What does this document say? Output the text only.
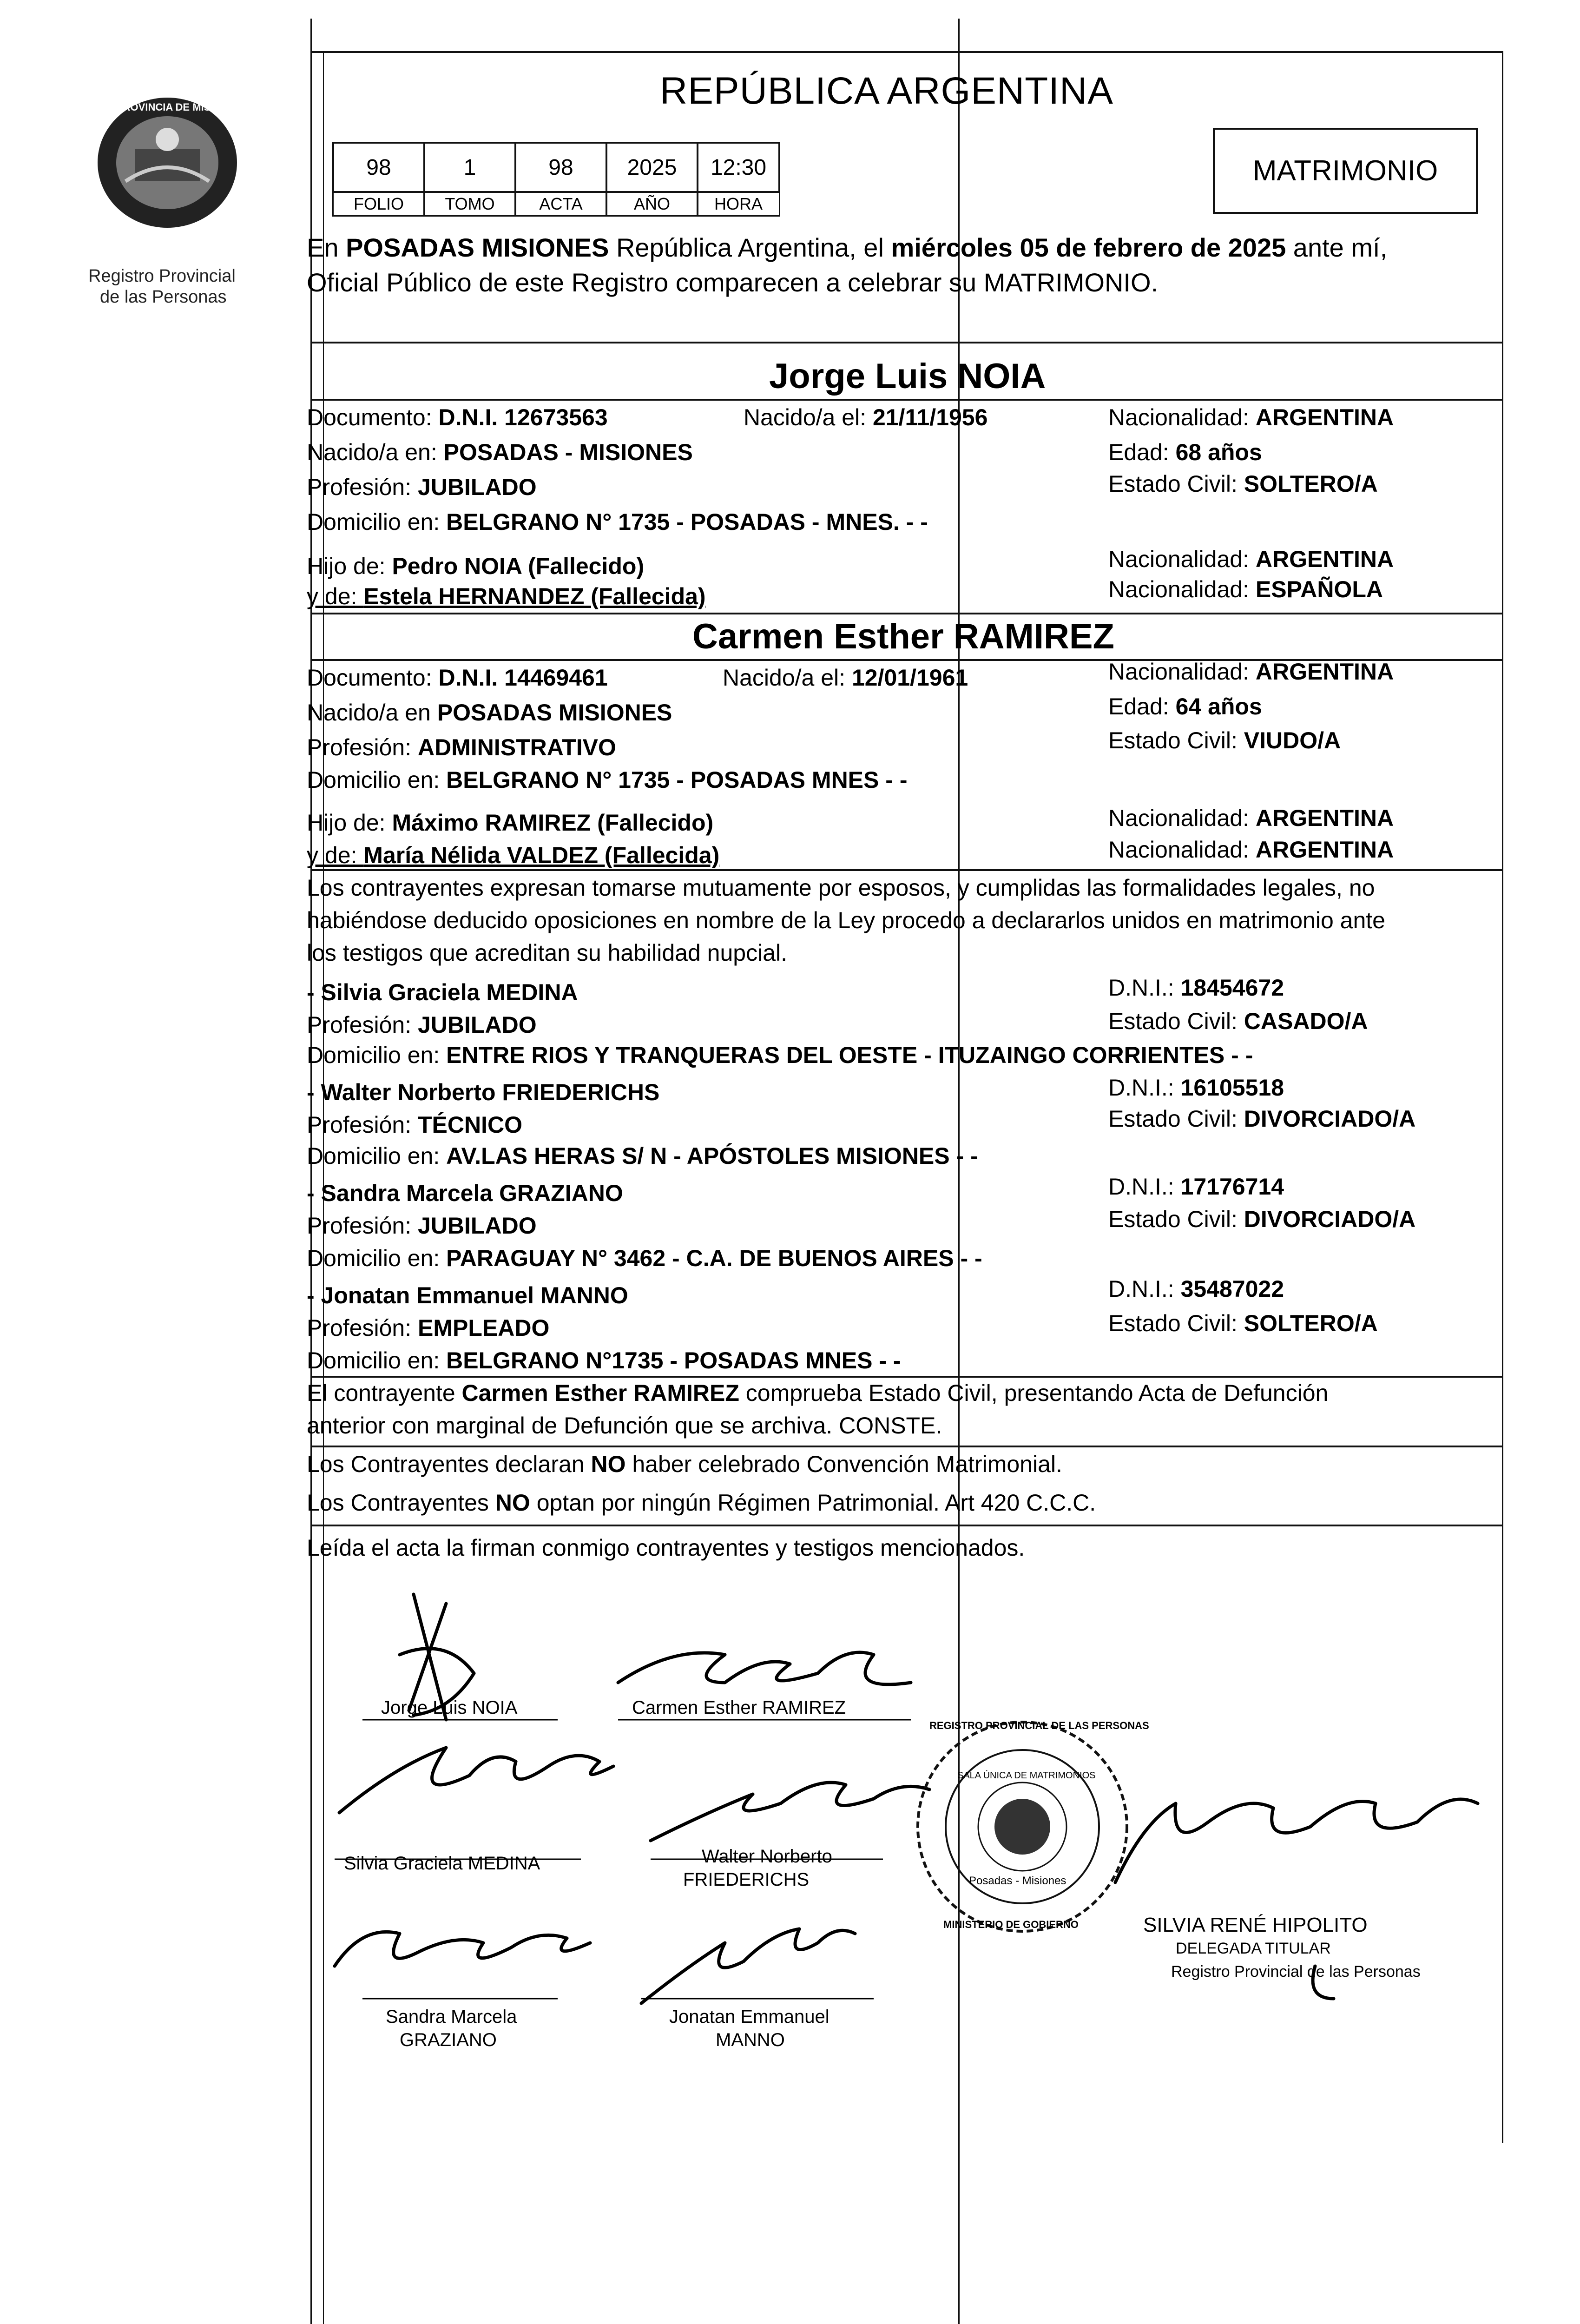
PROVINCIA DE MISIONES
Registro Provincial
de las Personas
REPÚBLICA ARGENTINA
98	1	98 2025 12:30
FOLIO TOMO	ACTA	AÑO	HORA
MATRIMONIO
En POSADAS MISIONES República Argentina, el miércoles 05 de febrero de 2025 ante mí,
Oficial Público de este Registro comparecen a celebrar su MATRIMONIO.
Jorge Luis NOIA
Documento: D.N.I. 12673563	Nacido/a el: 21/11/1956	Nacionalidad: ARGENTINA
Nacido/a en: POSADAS - MISIONES	Edad: 68 años
Profesión: JUBILADO	Estado Civil: SOLTERO/A
Domicilio en: BELGRANO N° 1735 - POSADAS - MNES. - -
Hijo de: Pedro NOIA (Fallecido)	Nacionalidad: ARGENTINA
y de: Estela HERNANDEZ (Fallecida)	Nacionalidad: ESPAÑOLA
Carmen Esther RAMIREZ
Documento: D.N.I. 14469461	Nacido/a el: 12/01/1961	Nacionalidad: ARGENTINA
Nacido/a en POSADAS MISIONES	Edad: 64 años
Profesión: ADMINISTRATIVO	Estado Civil: VIUDO/A
Domicilio en: BELGRANO N° 1735 - POSADAS MNES - -
Hijo de: Máximo RAMIREZ (Fallecido)	Nacionalidad: ARGENTINA
y de: María Nélida VALDEZ (Fallecida)	Nacionalidad: ARGENTINA
Los contrayentes expresan tomarse mutuamente por esposos, y cumplidas las formalidades legales, no
habiéndose deducido oposiciones en nombre de la Ley procedo a declararlos unidos en matrimonio ante
los testigos que acreditan su habilidad nupcial.
- Silvia Graciela MEDINA	D.N.I.: 18454672
Profesión: JUBILADO	Estado Civil: CASADO/A
Domicilio en: ENTRE RIOS Y TRANQUERAS DEL OESTE - ITUZAINGO CORRIENTES - -
- Walter Norberto FRIEDERICHS	D.N.I.: 16105518
Profesión: TÉCNICO	Estado Civil: DIVORCIADO/A
Domicilio en: AV.LAS HERAS S/ N - APÓSTOLES MISIONES - -
- Sandra Marcela GRAZIANO	D.N.I.: 17176714
Profesión: JUBILADO	Estado Civil: DIVORCIADO/A
Domicilio en: PARAGUAY N° 3462 - C.A. DE BUENOS AIRES - -
- Jonatan Emmanuel MANNO	D.N.I.: 35487022
Profesión: EMPLEADO	Estado Civil: SOLTERO/A
Domicilio en: BELGRANO N°1735 - POSADAS MNES - -
El contrayente Carmen Esther RAMIREZ comprueba Estado Civil, presentando Acta de Defunción
anterior con marginal de Defunción que se archiva. CONSTE.
Los Contrayentes declaran NO haber celebrado Convención Matrimonial.
Los Contrayentes NO optan por ningún Régimen Patrimonial. Art 420 C.C.C.
Leída el acta la firman conmigo contrayentes y testigos mencionados.
Jorge Luis NOIA	Carmen Esther RAMIREZ
Silvia Graciela MEDINA	Walter Norberto
FRIEDERICHS
Sandra Marcela
GRAZIANO
Jonatan Emmanuel
MANNO
REGISTRO PROVINCIAL DE LAS PERSONAS
SALA ÚNICA DE MATRIMONIOS
Posadas - Misiones
MINISTERIO DE GOBIERNO	SILVIA RENÉ HIPOLITO
DELEGADA TITULAR
Registro Provincial de las Personas
